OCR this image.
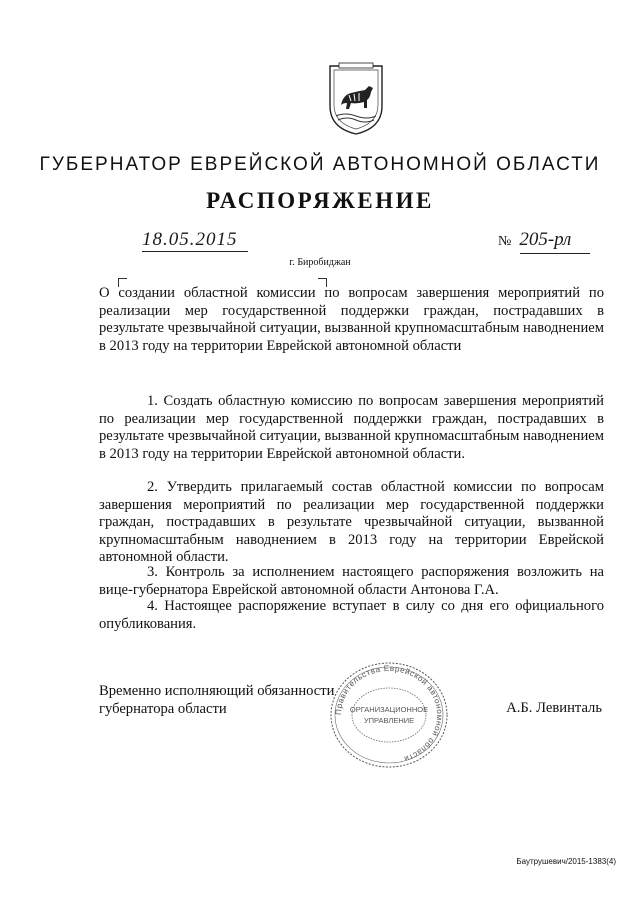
ГУБЕРНАТОР ЕВРЕЙСКОЙ АВТОНОМНОЙ ОБЛАСТИ
РАСПОРЯЖЕНИЕ
18.05.2015	№ 205-рл
г. Биробиджан
О создании областной комиссии по вопросам завершения мероприятий по реализации мер государственной поддержки граждан, пострадавших в результате чрезвычайной ситуации, вызванной крупномасштабным наводнением в 2013 году на территории Еврейской автономной области
1. Создать областную комиссию по вопросам завершения мероприятий по реализации мер государственной поддержки граждан, пострадавших в результате чрезвычайной ситуации, вызванной крупномасштабным наводнением в 2013 году на территории Еврейской автономной области.
2. Утвердить прилагаемый состав областной комиссии по вопросам завершения мероприятий по реализации мер государственной поддержки граждан, пострадавших в результате чрезвычайной ситуации, вызванной крупномасштабным наводнением в 2013 году на территории Еврейской автономной области.
3. Контроль за исполнением настоящего распоряжения возложить на вице-губернатора Еврейской автономной области Антонова Г.А.
4. Настоящее распоряжение вступает в силу со дня его официального опубликования.
Временно исполняющий обязанности
губернатора области	А.Б. Левинталь
Правительства Еврейской автономной области
ОРГАНИЗАЦИОННОЕ
УПРАВЛЕНИЕ
Баутрушевич/2015-1383(4)
